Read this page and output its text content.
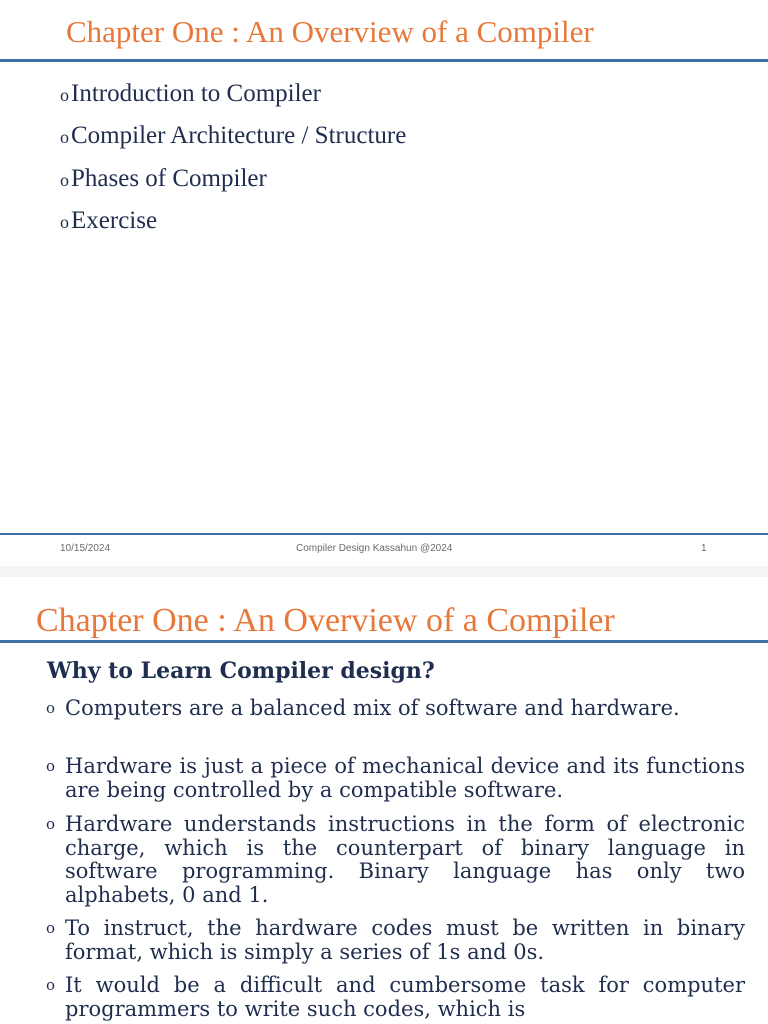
Chapter One : An Overview of a Compiler
oIntroduction to Compiler
oCompiler Architecture / Structure
oPhases of Compiler
oExercise
10/15/2024	Compiler Design Kassahun @2024	1
Chapter One : An Overview of a Compiler
Why to Learn Compiler design?
o Computers are a balanced mix of software and hardware.
o Hardware is just a piece of mechanical device and its functions are being controlled by a compatible software.
o Hardware understands instructions in the form of electronic charge, which is the counterpart of binary language in software programming. Binary language has only two alphabets, 0 and 1.
o To instruct, the hardware codes must be written in binary format, which is simply a series of 1s and 0s.
o It would be a difficult and cumbersome task for computer programmers to write such codes, which is
